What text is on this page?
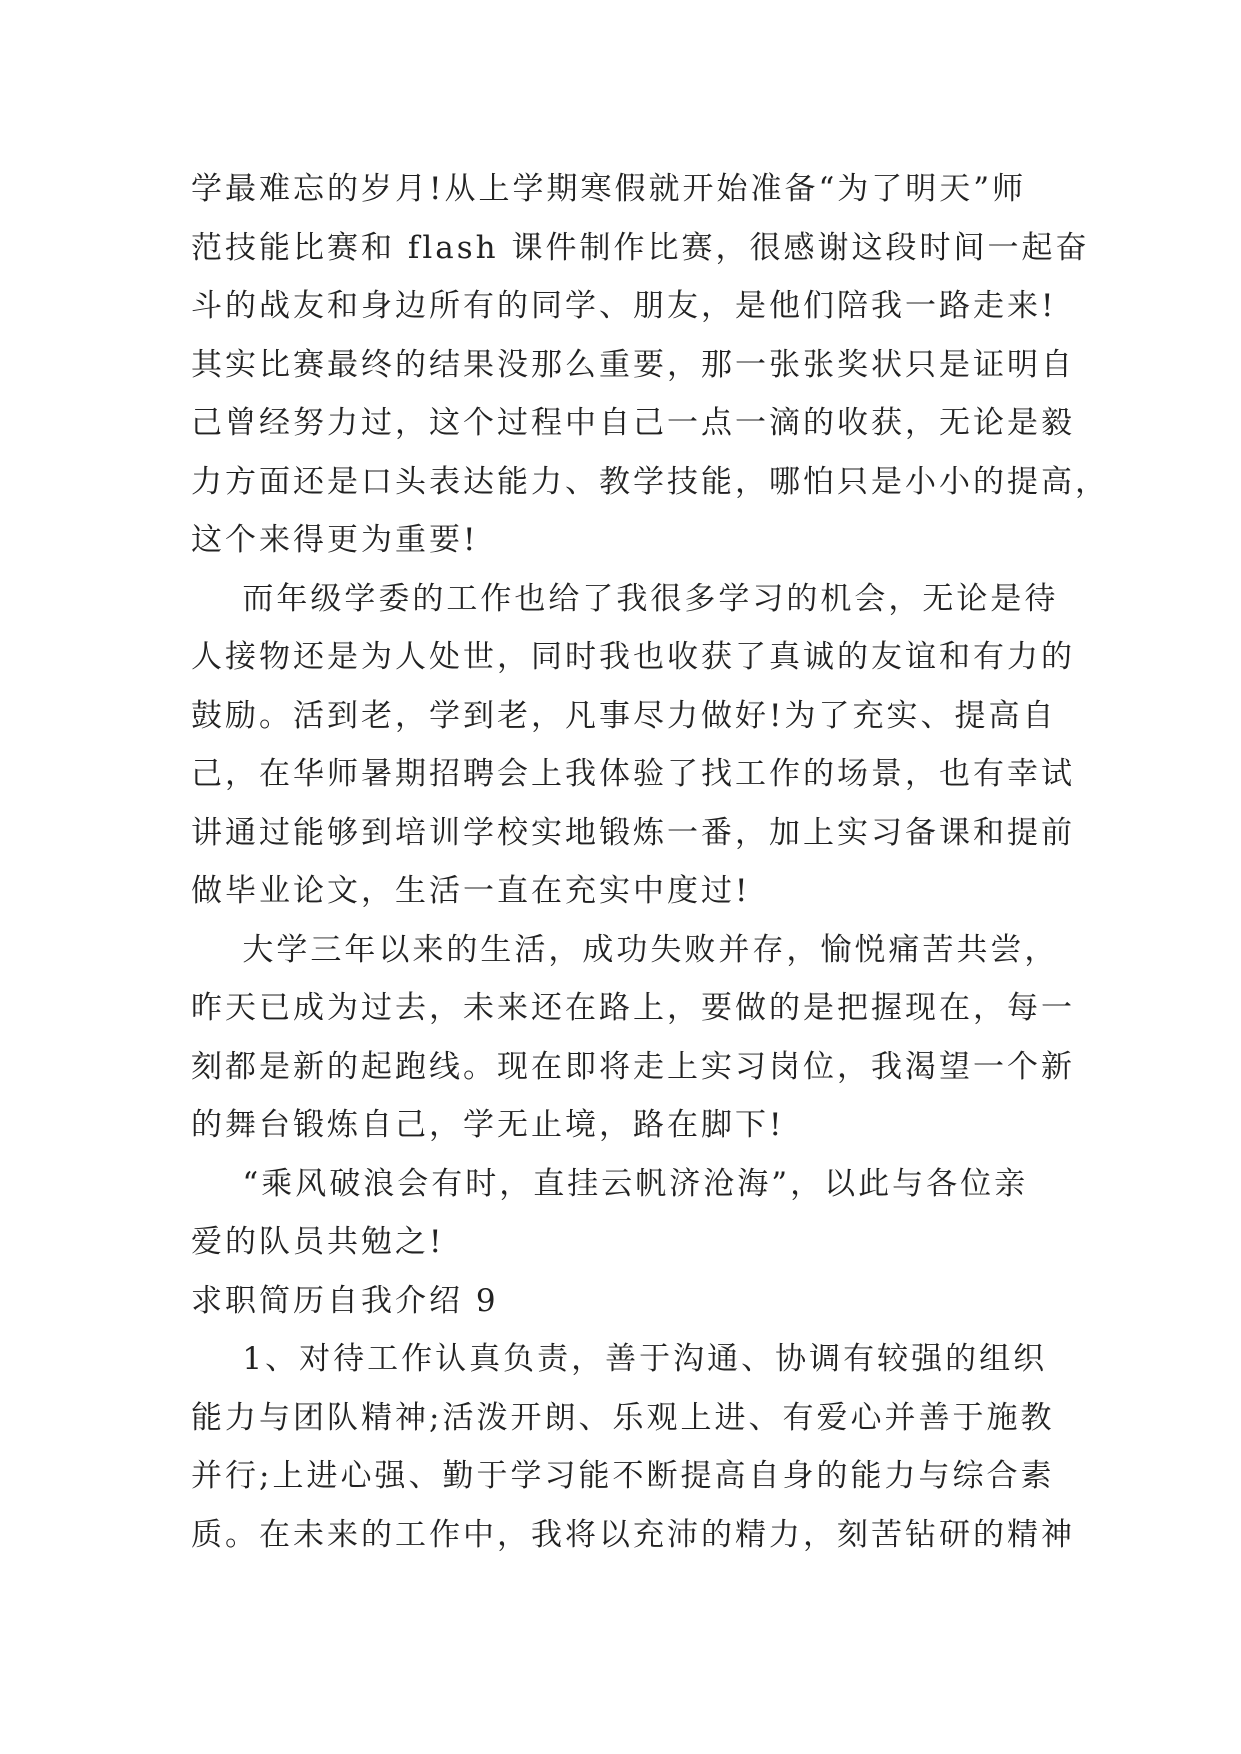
学最难忘的岁月!从上学期寒假就开始准备“为了明天”师
范技能比赛和 flash 课件制作比赛，很感谢这段时间一起奋
斗的战友和身边所有的同学、朋友，是他们陪我一路走来!
其实比赛最终的结果没那么重要，那一张张奖状只是证明自
己曾经努力过，这个过程中自己一点一滴的收获，无论是毅
力方面还是口头表达能力、教学技能，哪怕只是小小的提高，
这个来得更为重要!
而年级学委的工作也给了我很多学习的机会，无论是待
人接物还是为人处世，同时我也收获了真诚的友谊和有力的
鼓励。活到老，学到老，凡事尽力做好!为了充实、提高自
己，在华师暑期招聘会上我体验了找工作的场景，也有幸试
讲通过能够到培训学校实地锻炼一番，加上实习备课和提前
做毕业论文，生活一直在充实中度过!
大学三年以来的生活，成功失败并存，愉悦痛苦共尝，
昨天已成为过去，未来还在路上，要做的是把握现在，每一
刻都是新的起跑线。现在即将走上实习岗位，我渴望一个新
的舞台锻炼自己，学无止境，路在脚下!
“乘风破浪会有时，直挂云帆济沧海”，以此与各位亲
爱的队员共勉之!
求职简历自我介绍 9
1、对待工作认真负责，善于沟通、协调有较强的组织
能力与团队精神;活泼开朗、乐观上进、有爱心并善于施教
并行;上进心强、勤于学习能不断提高自身的能力与综合素
质。在未来的工作中，我将以充沛的精力，刻苦钻研的精神
